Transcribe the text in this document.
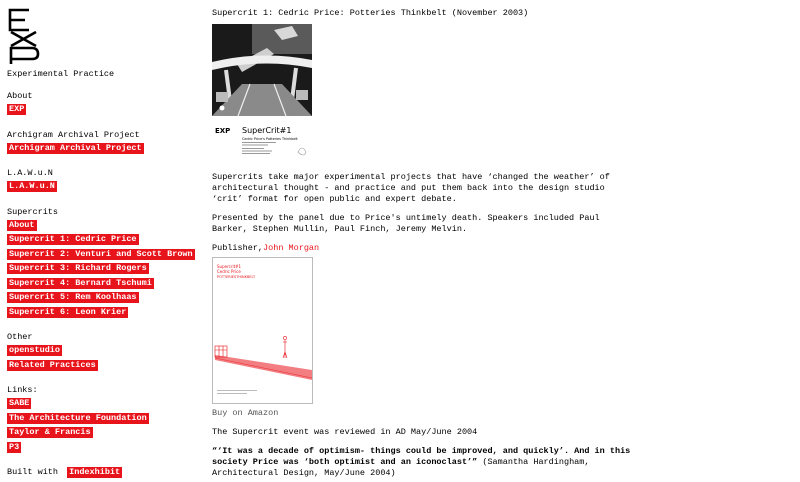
Experimental Practice
About
EXP
Archigram Archival Project
Archigram Archival Project
L.A.W.u.N
L.A.W.u.N
Supercrits
About
Supercrit 1: Cedric Price
Supercrit 2: Venturi and Scott Brown
Supercrit 3: Richard Rogers
Supercrit 4: Bernard Tschumi
Supercrit 5: Rem Koolhaas
Supercrit 6: Leon Krier
Other
openstudio
Related Practices
Links:
SABE
The Architecture Foundation
Taylor & Francis
P3
Built with Indexhibit
Supercrit 1: Cedric Price: Potteries Thinkbelt (November 2003)
EXP SuperCrit#1
Cedric Price's Potteries Thinkbelt

Supercrits take major experimental projects that have ‘changed the weather’ of architectural thought - and practice and put them back into the design studio ‘crit’ format for open public and expert debate.

Presented by the panel due to Price's untimely death. Speakers included Paul Barker, Stephen Mullin, Paul Finch, Jeremy Melvin.

Publisher,John Morgan

Supercrit#1
Cedric Price
POTTERIESTHINKBELT
Buy on Amazon

The Supercrit event was reviewed in AD May/June 2004

“‘It was a decade of optimism- things could be improved, and quickly’. And in this society Price was ‘both optimist and an iconoclast’” (Samantha Hardingham, Architectural Design, May/June 2004)
